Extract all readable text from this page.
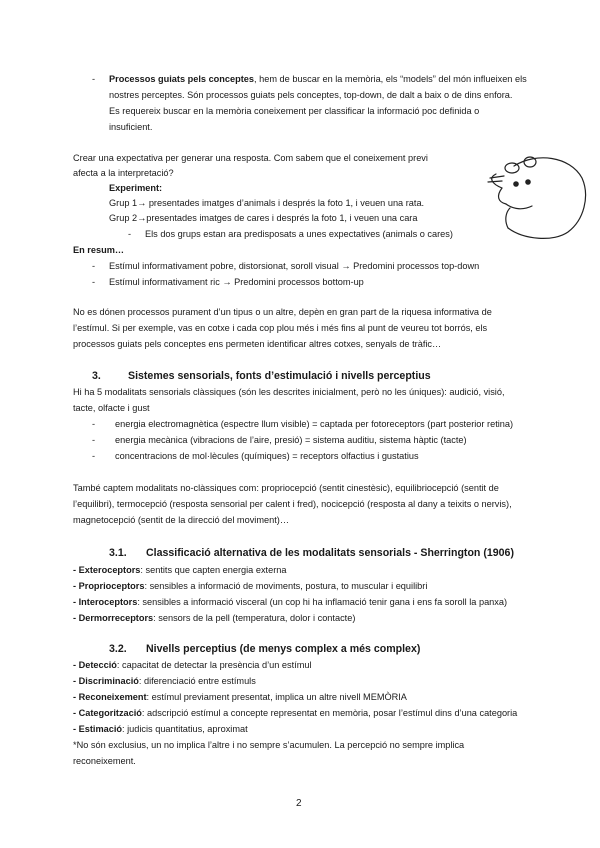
- Processos guiats pels conceptes, hem de buscar en la memòria, els “models” del món influeixen els
nostres perceptes. Són processos guiats pels conceptes, top-down, de dalt a baix o de dins enfora.
Es requereix buscar en la memòria coneixement per classificar la informació poc definida o
insuficient.
Crear una expectativa per generar una resposta. Com sabem que el coneixement previ
afecta a la interpretació?
Experiment:
Grup 1→ presentades imatges d’animals i després la foto 1, i veuen una rata.
Grup 2→presentades imatges de cares i després la foto 1, i veuen una cara
- Els dos grups estan ara predisposats a unes expectatives (animals o cares)
En resum…
- Estímul informativament pobre, distorsionat, soroll visual → Predomini processos top-down
- Estímul informativament ric → Predomini processos bottom-up
No es dónen processos purament d’un tipus o un altre, depèn en gran part de la riquesa informativa de
l’estímul. Si per exemple, vas en cotxe i cada cop plou més i més fins al punt de veureu tot borrós, els
processos guiats pels conceptes ens permeten identificar altres cotxes, senyals de tràfic…
3.	Sistemes sensorials, fonts d’estimulació i nivells perceptius
Hi ha 5 modalitats sensorials clàssiques (són les descrites inicialment, però no les úniques): audició, visió,
tacte, olfacte i gust
- energia electromagnètica (espectre llum visible) = captada per fotoreceptors (part posterior retina)
- energia mecànica (vibracions de l’aire, presió) = sistema auditiu, sistema hàptic (tacte)
- concentracions de mol·lècules (químiques) = receptors olfactius i gustatius
També captem modalitats no-clàssiques com: propriocepció (sentit cinestèsic), equilibriocepció (sentit de
l’equilibri), termocepció (resposta sensorial per calent i fred), nocicepció (resposta al dany a teixits o nervis),
magnetocepció (sentit de la direcció del moviment)…
3.1. Classificació alternativa de les modalitats sensorials - Sherrington (1906)
- Exteroceptors: sentits que capten energia externa
- Proprioceptors: sensibles a informació de moviments, postura, to muscular i equilibri
- Interoceptors: sensibles a informació visceral (un cop hi ha inflamació tenir gana i ens fa soroll la panxa)
- Dermorreceptors: sensors de la pell (temperatura, dolor i contacte)
3.2. Nivells perceptius (de menys complex a més complex)
- Detecció: capacitat de detectar la presència d’un estímul
- Discriminació: diferenciació entre estímuls
- Reconeixement: estímul previament presentat, implica un altre nivell MEMÒRIA
- Categorització: adscripció estímul a concepte representat en memòria, posar l’estímul dins d’una categoria
- Estimació: judicis quantitatius, aproximat
*No són exclusius, un no implica l’altre i no sempre s’acumulen. La percepció no sempre implica
reconeixement.
2
